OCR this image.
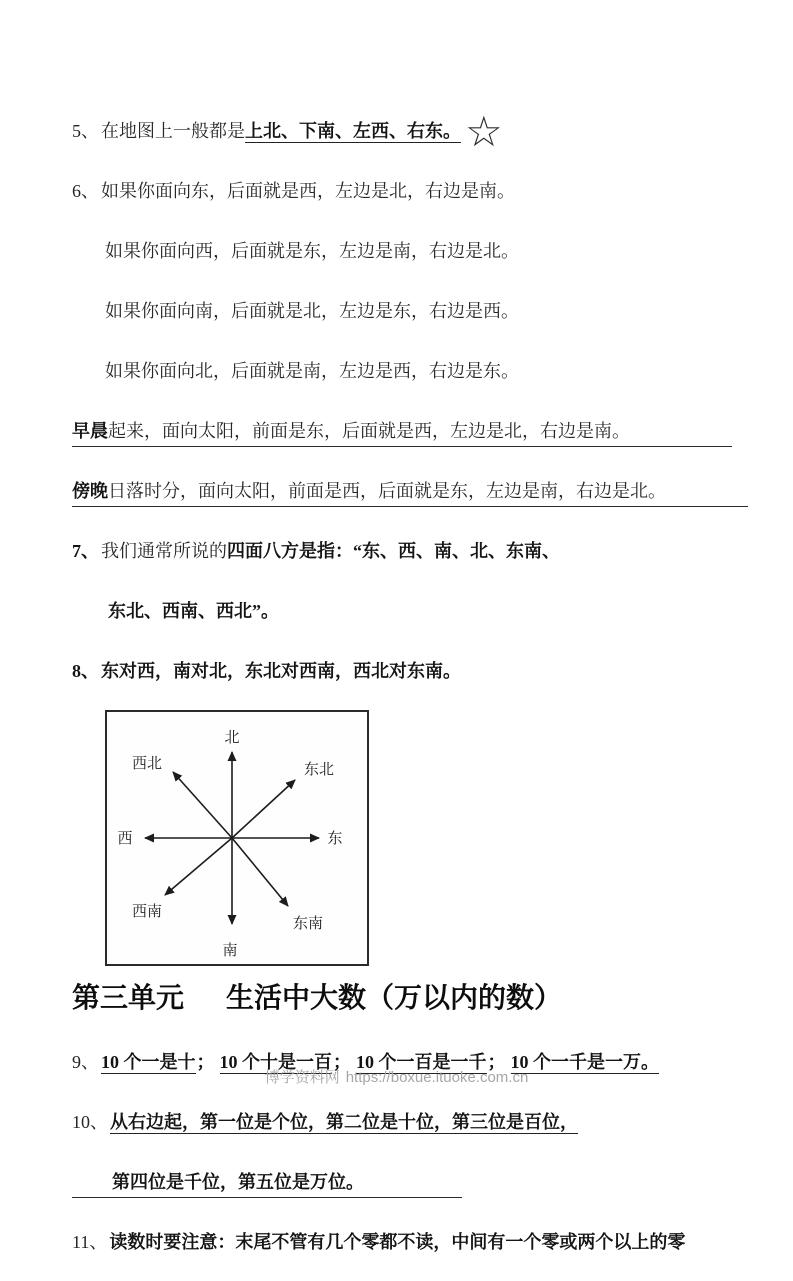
5、 在地图上一般都是上北、下南、左西、右东。☆

6、 如果你面向东，后面就是西，左边是北，右边是南。

如果你面向西，后面就是东，左边是南，右边是北。

如果你面向南，后面就是北，左边是东，右边是西。

如果你面向北，后面就是南，左边是西，右边是东。

早晨起来，面向太阳，前面是东，后面就是西，左边是北，右边是南。

傍晚日落时分，面向太阳，前面是西，后面就是东，左边是南，右边是北。

7、 我们通常所说的四面八方是指：“东、西、南、北、东南、

东北、西南、西北”。

8、 东对西，南对北，东北对西南，西北对东南。

北
南
西	东
西北	东北
西南
东南
第三单元 生活中大数（万以内的数）

9、 10 个一是十； 10 个十是一百； 10 个一百是一千； 10 个一千是一万。

10、 从右边起，第一位是个位，第二位是十位，第三位是百位，

第四位是千位，第五位是万位。

11、 读数时要注意：末尾不管有几个零都不读，中间有一个零或两个以上的零

博学资料网 https://boxue.ituoke.com.cn
